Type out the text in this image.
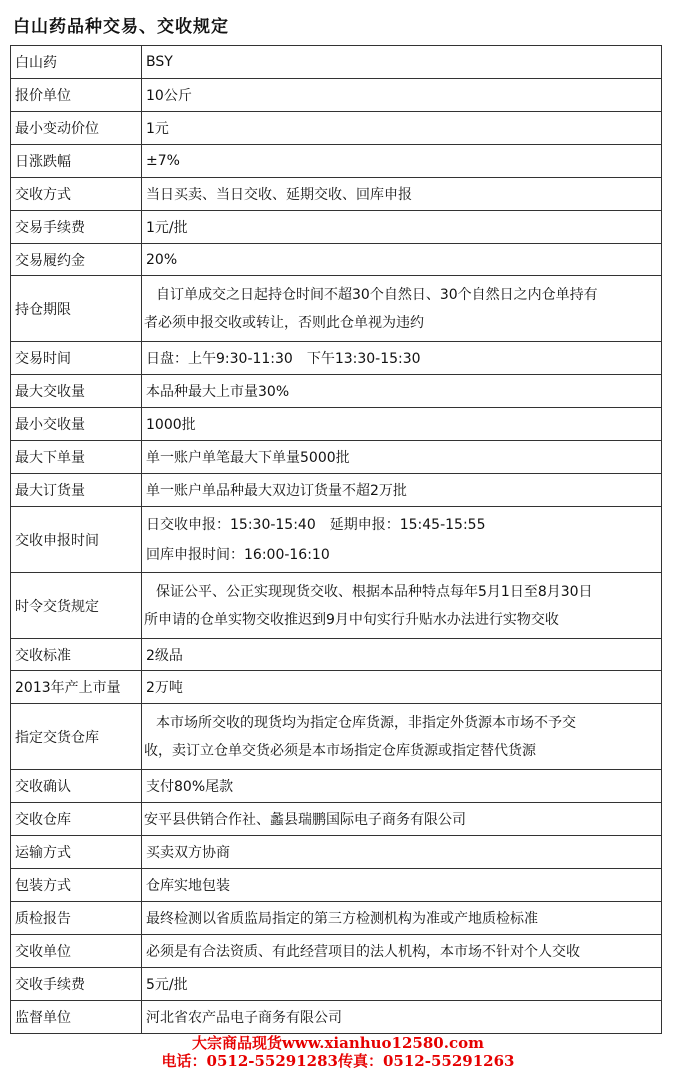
白山药品种交易、交收规定
白山药	BSY
报价单位	10公斤
最小变动价位	1元
日涨跌幅	±7%
交收方式	当日买卖、当日交收、延期交收、回库申报
交易手续费	1元/批
交易履约金	20%
持仓期限	自订单成交之日起持仓时间不超30个自然日、30个自然日之内仓单持有
者必须申报交收或转让，否则此仓单视为违约

交易时间	日盘：上午9:30-11:30　下午13:30-15:30
最大交收量	本品种最大上市量30%
最小交收量	1000批
最大下单量	单一账户单笔最大下单量5000批
最大订货量	单一账户单品种最大双边订货量不超2万批
交收申报时间	日交收申报：15:30-15:40　延期申报：15:45-15:55
回库申报时间：16:00-16:10

时令交货规定	保证公平、公正实现现货交收、根据本品种特点每年5月1日至8月30日
所申请的仓单实物交收推迟到9月中旬实行升贴水办法进行实物交收

交收标准	2级品
2013年产上市量	2万吨
指定交货仓库	本市场所交收的现货均为指定仓库货源，非指定外货源本市场不予交
收，卖订立仓单交货必须是本市场指定仓库货源或指定替代货源

交收确认	支付80%尾款
交收仓库	安平县供销合作社、蠡县瑞鹏国际电子商务有限公司
运输方式	买卖双方协商
包装方式	仓库实地包装
质检报告	最终检测以省质监局指定的第三方检测机构为准或产地质检标准
交收单位	必须是有合法资质、有此经营项目的法人机构，本市场不针对个人交收
交收手续费	5元/批
监督单位	河北省农产品电子商务有限公司
大宗商品现货www.xianhuo12580.com
电话：0512-55291283传真：0512-55291263
